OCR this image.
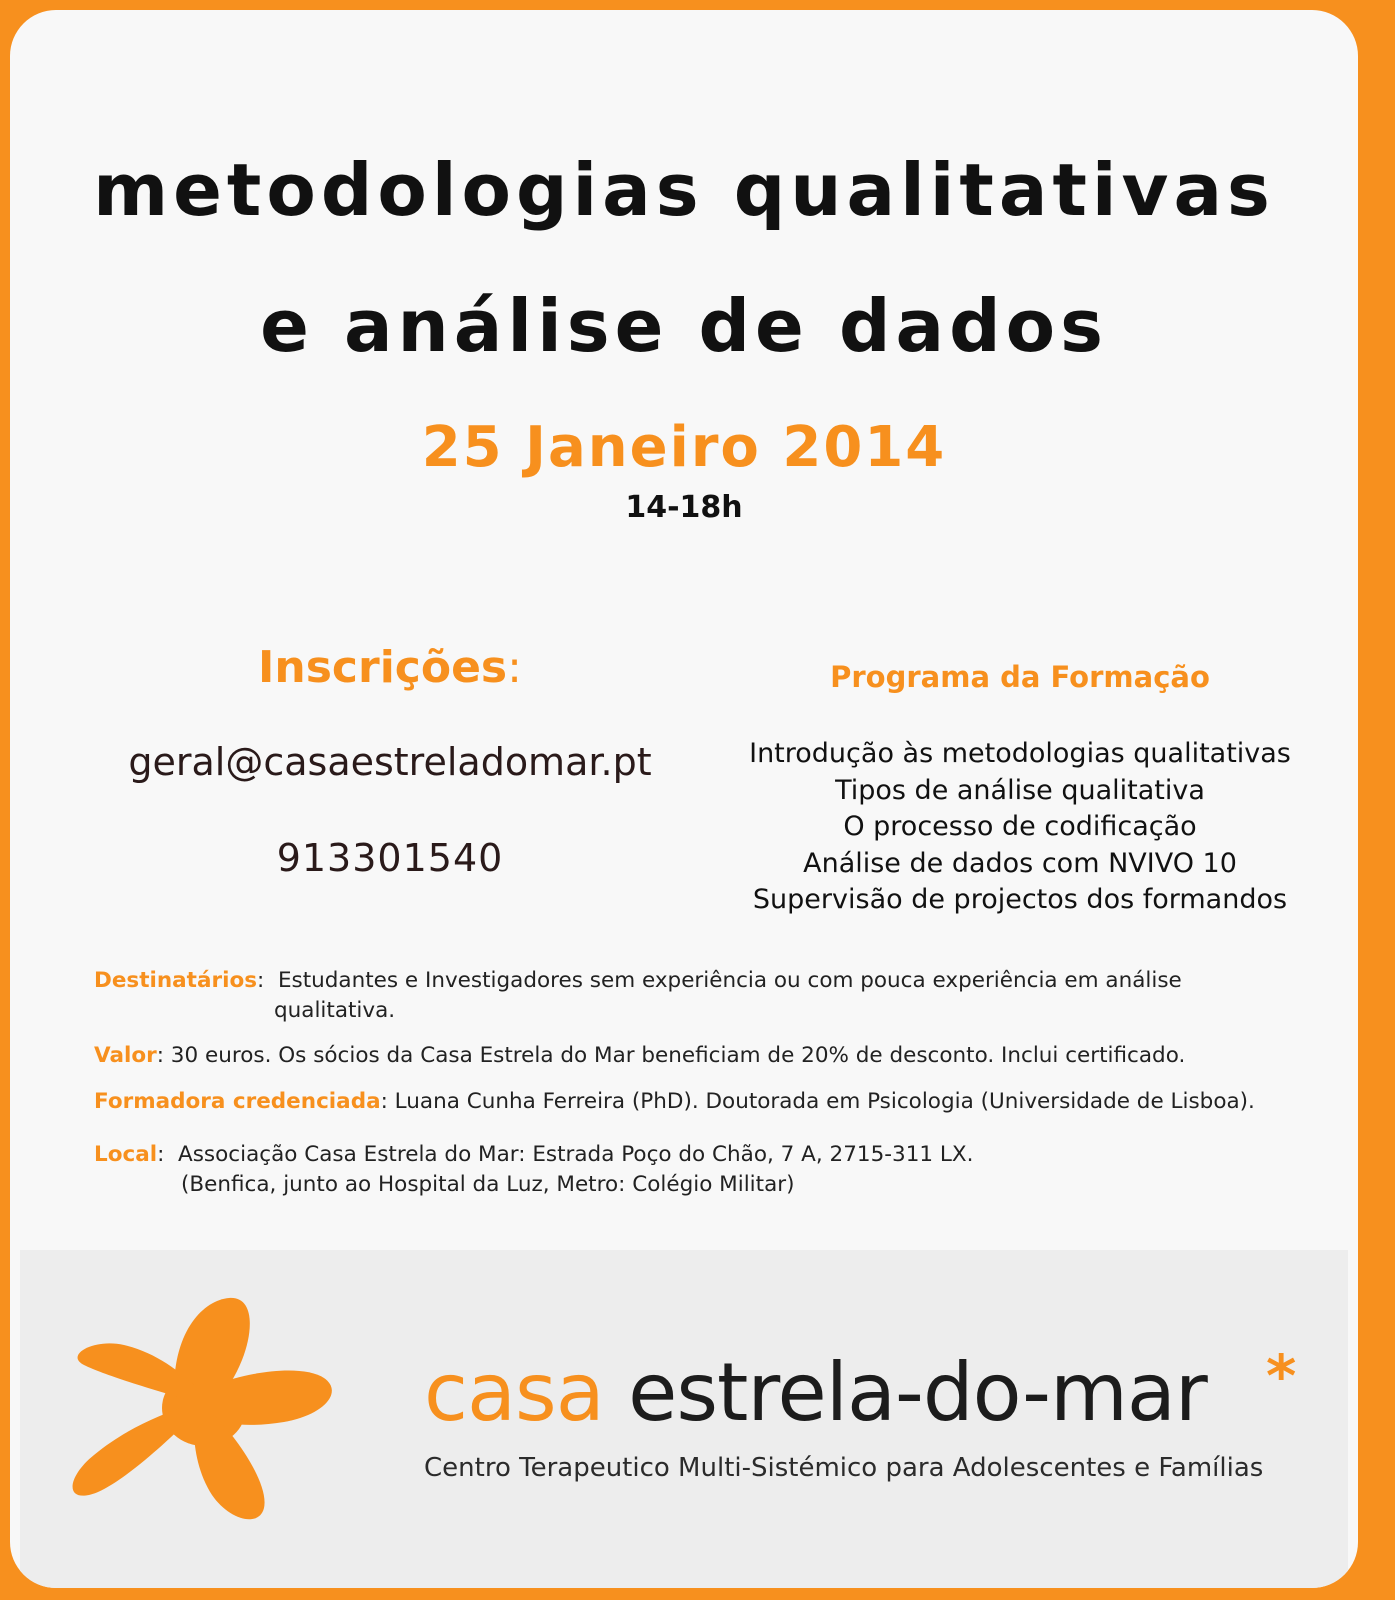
metodologias qualitativas
e análise de dados
25 Janeiro 2014
14-18h
Inscrições:
geral@casaestreladomar.pt
913301540
Programa da Formação
Introdução às metodologias qualitativas
Tipos de análise qualitativa
O processo de codificação
Análise de dados com NVIVO 10
Supervisão de projectos dos formandos
Destinatários:  Estudantes e Investigadores sem experiência ou com pouca experiência em análise
qualitativa.
Valor: 30 euros. Os sócios da Casa Estrela do Mar beneficiam de 20% de desconto. Inclui certificado.
Formadora credenciada: Luana Cunha Ferreira (PhD). Doutorada em Psicologia (Universidade de Lisboa).
Local:  Associação Casa Estrela do Mar: Estrada Poço do Chão, 7 A, 2715-311 LX.
(Benfica, junto ao Hospital da Luz, Metro: Colégio Militar)
casa estrela-do-mar *
Centro Terapeutico Multi-Sistémico para Adolescentes e Famílias
